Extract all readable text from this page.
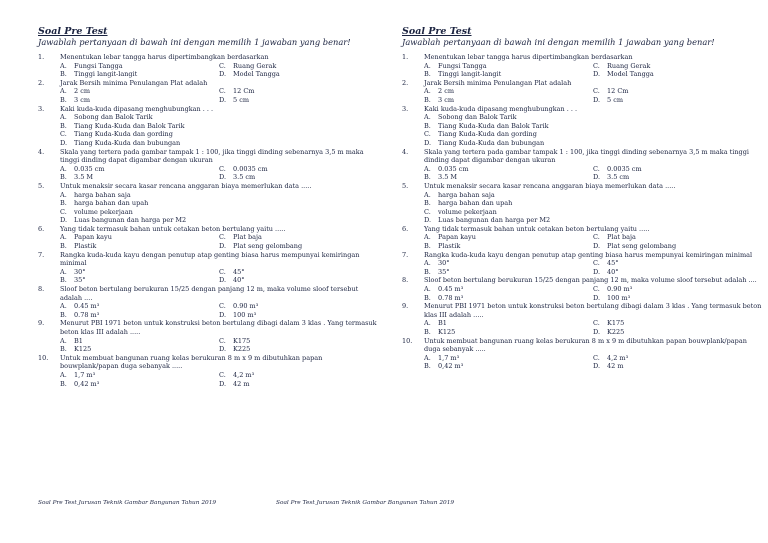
Soal Pre Test

Jawablah pertanyaan di bawah ini dengan memilih 1 jawaban yang benar!

1. Menentukan lebar tangga harus dipertimbangkan berdasarkan
A. Fungsi Tangga	C. Ruang Gerak
B. Tinggi langit-langit	D. Model Tangga
2. Jarak Bersih minima Penulangan Plat adalah
A. 2 cm	C. 12 Cm
B. 3 cm	D. 5 cm
3. Kaki kuda-kuda dipasang menghubungkan . . .
A. Sobong dan Balok Tarik
B. Tiang Kuda-Kuda dan Balok Tarik
C. Tiang Kuda-Kuda dan gording
D. Tiang Kuda-Kuda dan bubungan
4. Skala yang tertera pada gambar tampak 1 : 100, jika tinggi dinding sebenarnya 3,5 m maka tinggi dinding dapat digambar dengan ukuran
A. 0.035 cm	C. 0.0035 cm
B. 3.5 M	D. 3.5 cm
5. Untuk menaksir secara kasar rencana anggaran biaya memerlukan data .....
A. harga bahan saja
B. harga bahan dan upah
C. volume pekerjaan
D. Luas bangunan dan harga per M2
6. Yang tidak termasuk bahan untuk cetakan beton bertulang yaitu .....
A. Papan kayu	C. Plat baja
B. Plastik	D. Plat seng gelombang
7. Rangka kuda-kuda kayu dengan penutup atap genting biasa harus mempunyai kemiringan minimal
A. 30°	C. 45°
B. 35°	D. 40°
8. Sloof beton bertulang berukuran 15/25 dengan panjang 12 m, maka volume sloof tersebut adalah ....
A. 0.45 m³	C. 0.90 m³
B. 0.78 m³	D. 100 m³
9. Menurut PBI 1971 beton untuk konstruksi beton bertulang dibagi dalam 3 klas . Yang termasuk beton klas III adalah .....
A. B1	C. K175
B. K125	D. K225
10. Untuk membuat bangunan ruang kelas berukuran 8 m x 9 m dibutuhkan papan bouwplank/papan duga sebanyak .....
A. 1,7 m³	C. 4,2 m³
B. 0,42 m³	D. 42 m

Soal Pre Test

Jawablah pertanyaan di bawah ini dengan memilih 1 jawaban yang benar!

1. Menentukan lebar tangga harus dipertimbangkan berdasarkan
A. Fungsi Tangga	C. Ruang Gerak
B. Tinggi langit-langit	D. Model Tangga
2. Jarak Bersih minima Penulangan Plat adalah
A. 2 cm	C. 12 Cm
B. 3 cm	D. 5 cm
3. Kaki kuda-kuda dipasang menghubungkan . . .
A. Sobong dan Balok Tarik
B. Tiang Kuda-Kuda dan Balok Tarik
C. Tiang Kuda-Kuda dan gording
D. Tiang Kuda-Kuda dan bubungan
4. Skala yang tertera pada gambar tampak 1 : 100, jika tinggi dinding sebenarnya 3,5 m maka tinggi dinding dapat digambar dengan ukuran
A. 0.035 cm	C. 0.0035 cm
B. 3.5 M	D. 3.5 cm
5. Untuk menaksir secara kasar rencana anggaran biaya memerlukan data .....
A. harga bahan saja
B. harga bahan dan upah
C. volume pekerjaan
D. Luas bangunan dan harga per M2
6. Yang tidak termasuk bahan untuk cetakan beton bertulang yaitu .....
A. Papan kayu	C. Plat baja
B. Plastik	D. Plat seng gelombang
7. Rangka kuda-kuda kayu dengan penutup atap genting biasa harus mempunyai kemiringan minimal
A. 30°	C. 45°
B. 35°	D. 40°
8. Sloof beton bertulang berukuran 15/25 dengan panjang 12 m, maka volume sloof tersebut adalah ....
A. 0.45 m³	C. 0.90 m³
B. 0.78 m³	D. 100 m³
9. Menurut PBI 1971 beton untuk konstruksi beton bertulang dibagi dalam 3 klas . Yang termasuk beton klas III adalah .....
A. B1	C. K175
B. K125	D. K225
10. Untuk membuat bangunan ruang kelas berukuran 8 m x 9 m dibutuhkan papan bouwplank/papan duga sebanyak .....
A. 1,7 m³	C. 4,2 m³
B. 0,42 m³	D. 42 m
Soal Pre Test Jurusan Teknik Gambar Bangunan Tahun 2019	Soal Pre Test Jurusan Teknik Gambar Bangunan Tahun 2019
